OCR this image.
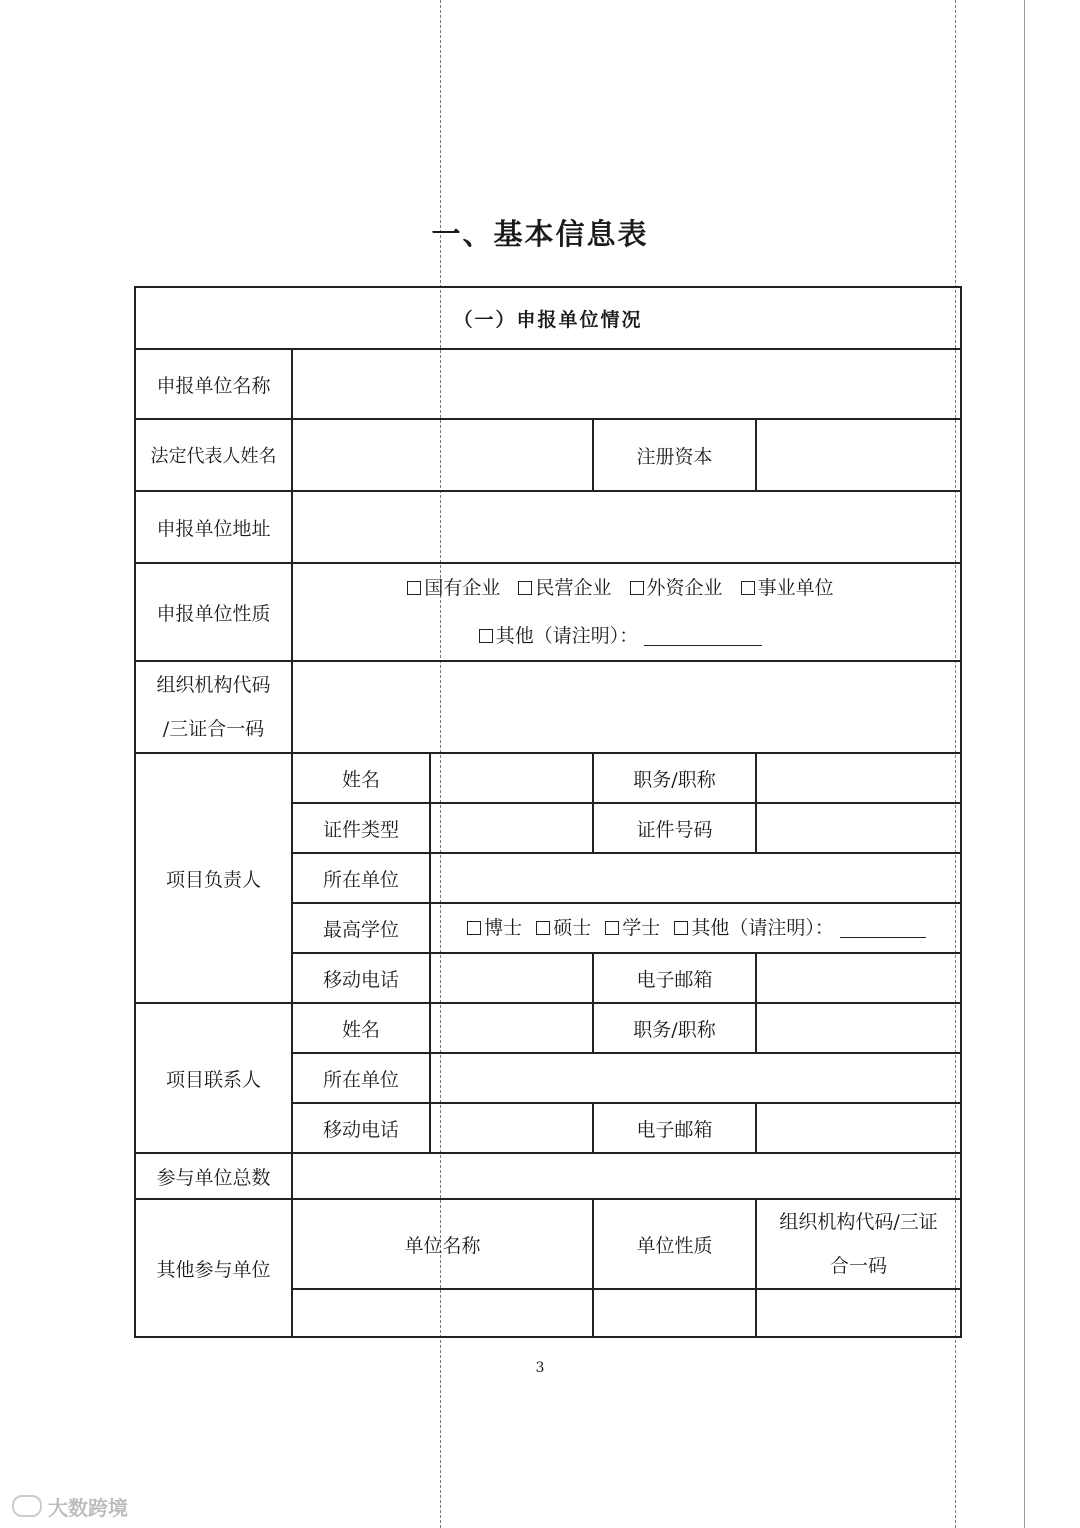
一、基本信息表
（一）申报单位情况				
申报单位名称				
法定代表人姓名			注册资本	
申报单位地址				
申报单位性质	国有企业 民营企业 外资企业 事业单位
其他（请注明）：			
组织机构代码
/三证合一码				
项目负责人	姓名		职务/职称	
	证件类型		证件号码	
	所在单位			
	最高学位	博士 硕士 学士 其他（请注明）：		
	移动电话		电子邮箱	
项目联系人	姓名		职务/职称	
	所在单位			
	移动电话		电子邮箱	
参与单位总数				
其他参与单位	单位名称		单位性质	组织机构代码/三证
合一码

3
大数跨境
